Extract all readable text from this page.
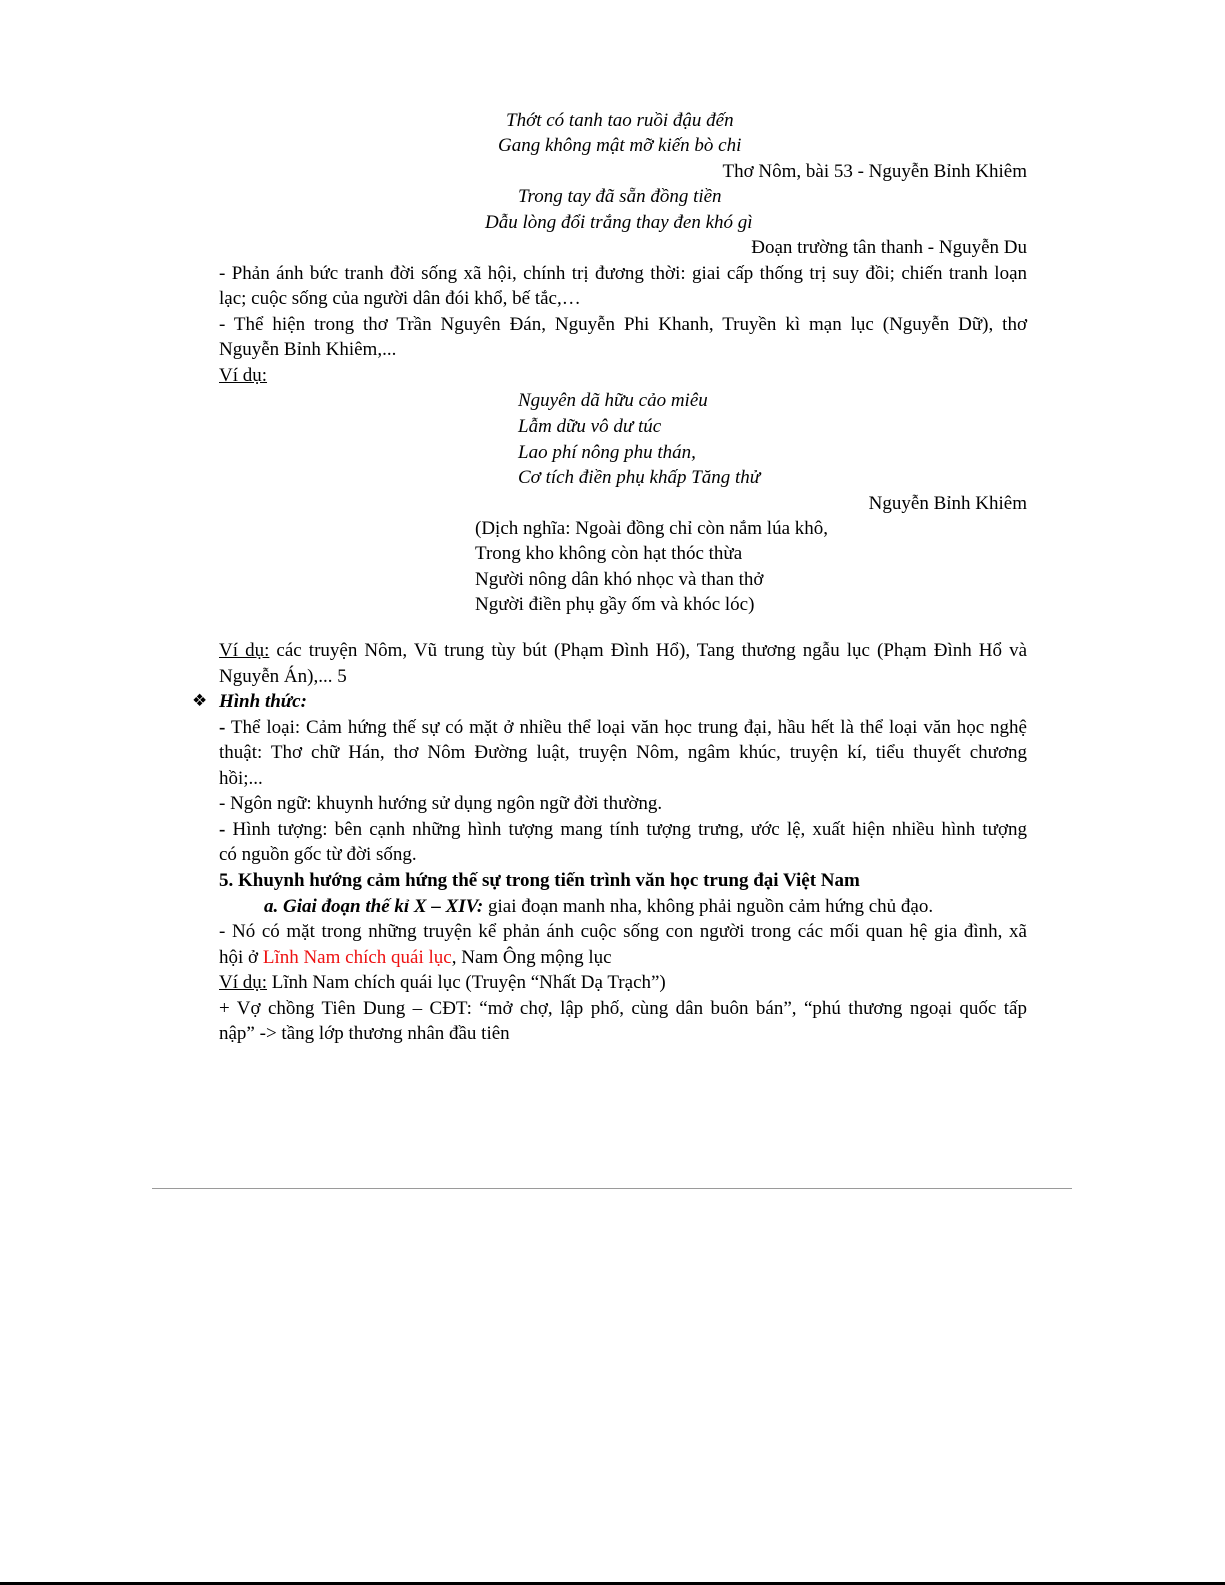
Thớt có tanh tao ruồi đậu đến
Gang không mật mỡ kiến bò chi
Thơ Nôm, bài 53 - Nguyễn Bỉnh Khiêm
Trong tay đã sẵn đồng tiền
Dẫu lòng đổi trắng thay đen khó gì
Đoạn trường tân thanh - Nguyễn Du
- Phản ánh bức tranh đời sống xã hội, chính trị đương thời: giai cấp thống trị suy đồi; chiến tranh loạn
lạc; cuộc sống của người dân đói khổ, bế tắc,…
- Thể hiện trong thơ Trần Nguyên Đán, Nguyễn Phi Khanh, Truyền kì mạn lục (Nguyễn Dữ), thơ
Nguyễn Bỉnh Khiêm,...
Ví dụ:
Nguyên dã hữu cảo miêu
Lẫm dữu vô dư túc
Lao phí nông phu thán,
Cơ tích điền phụ khấp Tăng thử
Nguyễn Bỉnh Khiêm
(Dịch nghĩa: Ngoài đồng chỉ còn nắm lúa khô,
Trong kho không còn hạt thóc thừa
Người nông dân khó nhọc và than thở
Người điền phụ gầy ốm và khóc lóc)
Ví dụ: các truyện Nôm, Vũ trung tùy bút (Phạm Đình Hổ), Tang thương ngẫu lục (Phạm Đình Hổ và
Nguyễn Án),... 5
❖ Hình thức:
- Thể loại: Cảm hứng thế sự có mặt ở nhiều thể loại văn học trung đại, hầu hết là thể loại văn học nghệ
thuật: Thơ chữ Hán, thơ Nôm Đường luật, truyện Nôm, ngâm khúc, truyện kí, tiểu thuyết chương
hồi;...
- Ngôn ngữ: khuynh hướng sử dụng ngôn ngữ đời thường.
- Hình tượng: bên cạnh những hình tượng mang tính tượng trưng, ước lệ, xuất hiện nhiều hình tượng
có nguồn gốc từ đời sống.
5. Khuynh hướng cảm hứng thế sự trong tiến trình văn học trung đại Việt Nam
a. Giai đoạn thế kỉ X – XIV: giai đoạn manh nha, không phải nguồn cảm hứng chủ đạo.
- Nó có mặt trong những truyện kể phản ánh cuộc sống con người trong các mối quan hệ gia đình, xã
hội ở Lĩnh Nam chích quái lục, Nam Ông mộng lục
Ví dụ: Lĩnh Nam chích quái lục (Truyện “Nhất Dạ Trạch”)
+ Vợ chồng Tiên Dung – CĐT: “mở chợ, lập phố, cùng dân buôn bán”, “phú thương ngoại quốc tấp
nập” -> tầng lớp thương nhân đầu tiên
